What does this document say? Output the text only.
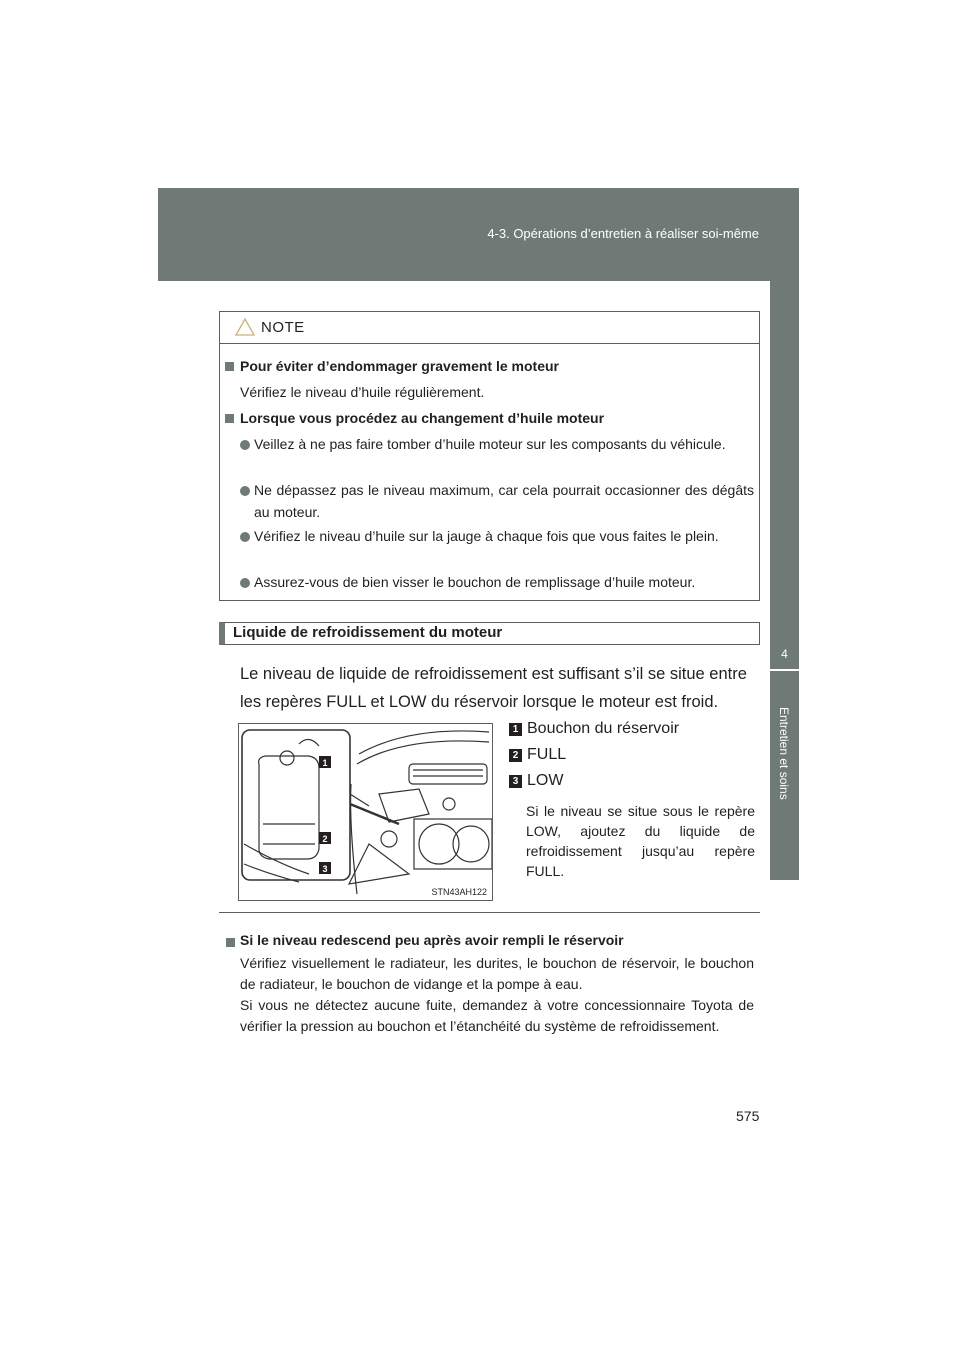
4-3. Opérations d’entretien à réaliser soi-même
4
Entretien et soins
NOTE
Pour éviter d’endommager gravement le moteur
Vérifiez le niveau d’huile régulièrement.
Lorsque vous procédez au changement d’huile moteur
Veillez à ne pas faire tomber d’huile moteur sur les composants du véhicule.
Ne dépassez pas le niveau maximum, car cela pourrait occasionner des dégâts au moteur.
Vérifiez le niveau d’huile sur la jauge à chaque fois que vous faites le plein.
Assurez-vous de bien visser le bouchon de remplissage d’huile moteur.
Liquide de refroidissement du moteur
Le niveau de liquide de refroidissement est suffisant s’il se situe entre les repères FULL et LOW du réservoir lorsque le moteur est froid.
1
2
3
STN43AH122
1 Bouchon du réservoir
2 FULL
3 LOW
Si le niveau se situe sous le repère LOW, ajoutez du liquide de refroidissement jusqu’au repère FULL.
Si le niveau redescend peu après avoir rempli le réservoir
Vérifiez visuellement le radiateur, les durites, le bouchon de réservoir, le bouchon de radiateur, le bouchon de vidange et la pompe à eau.
Si vous ne détectez aucune fuite, demandez à votre concessionnaire Toyota de vérifier la pression au bouchon et l’étanchéité du système de refroidissement.
575
